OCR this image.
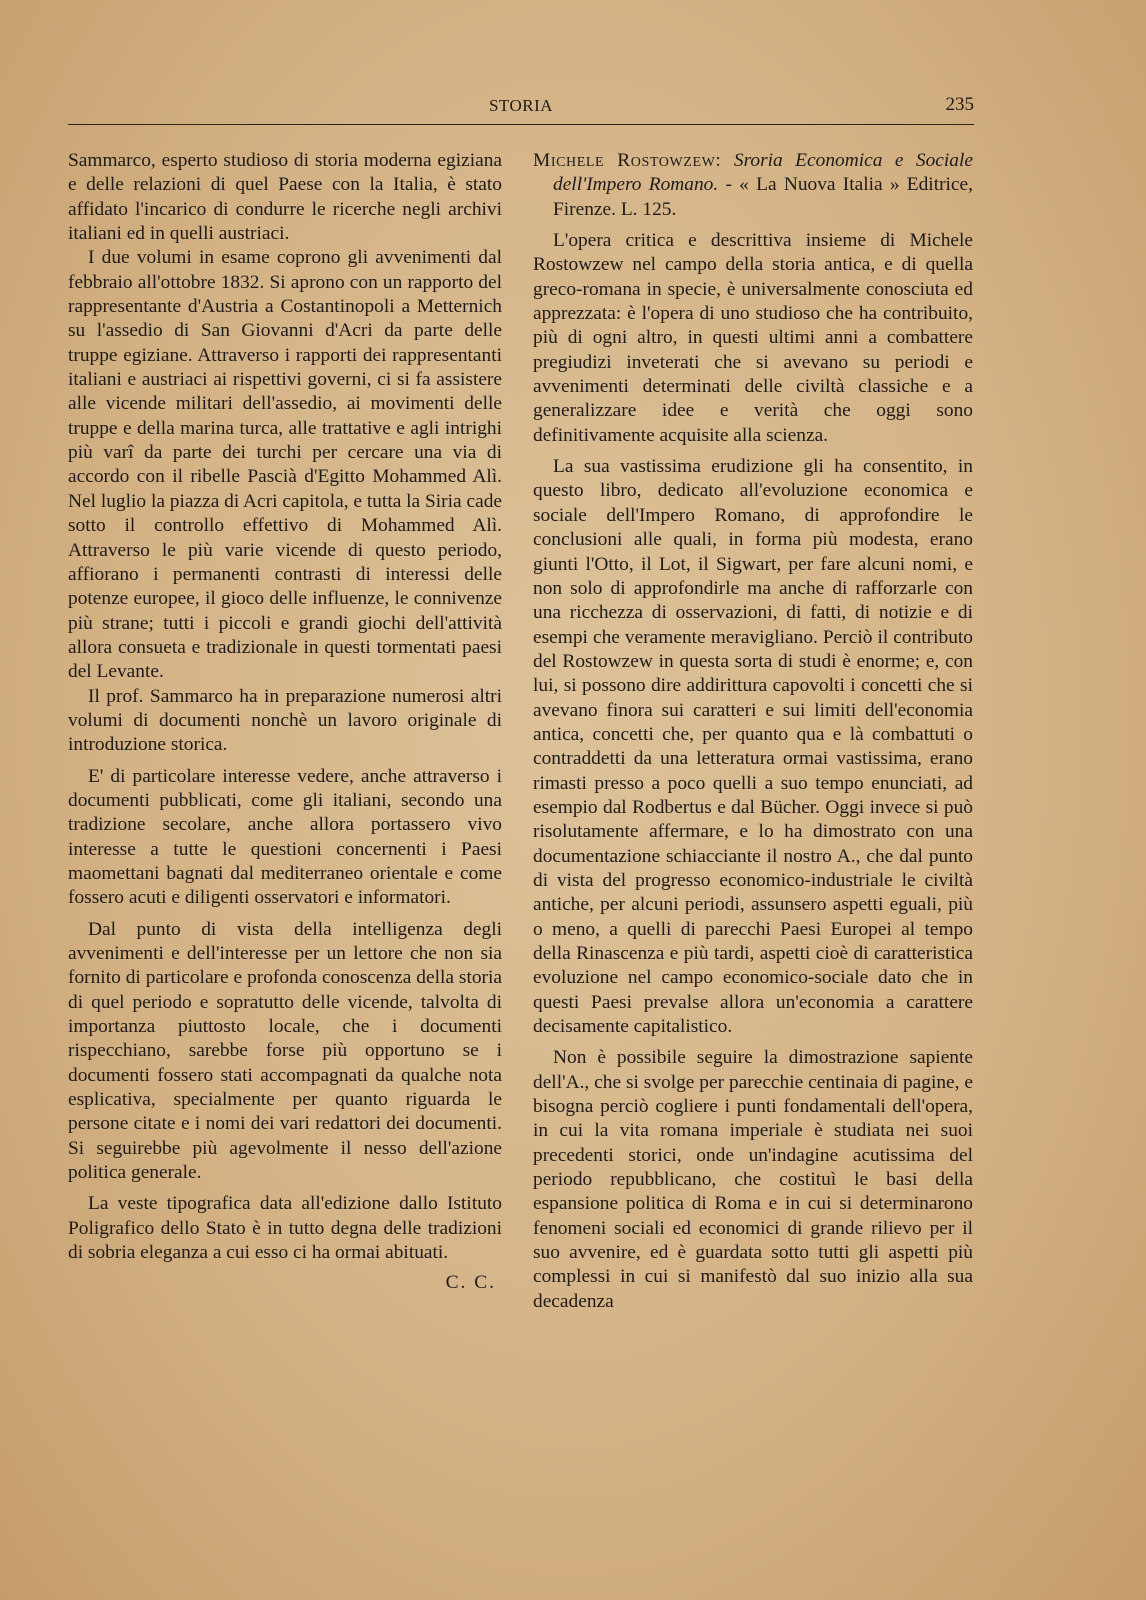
STORIA	235

Sammarco, esperto studioso di storia moderna egiziana e delle relazioni di quel Paese con la Italia, è stato affidato l'incarico di condurre le ricerche negli archivi italiani ed in quelli austriaci.

I due volumi in esame coprono gli avvenimenti dal febbraio all'ottobre 1832. Si aprono con un rapporto del rappresentante d'Austria a Costantinopoli a Metternich su l'assedio di San Giovanni d'Acri da parte delle truppe egiziane. Attraverso i rapporti dei rappresentanti italiani e austriaci ai rispettivi governi, ci si fa assistere alle vicende militari dell'assedio, ai movimenti delle truppe e della marina turca, alle trattative e agli intrighi più varî da parte dei turchi per cercare una via di accordo con il ribelle Pascià d'Egitto Mohammed Alì. Nel luglio la piazza di Acri capitola, e tutta la Siria cade sotto il controllo effettivo di Mohammed Alì. Attraverso le più varie vicende di questo periodo, affiorano i permanenti contrasti di interessi delle potenze europee, il gioco delle influenze, le connivenze più strane; tutti i piccoli e grandi giochi dell'attività allora consueta e tradizionale in questi tormentati paesi del Levante.

Il prof. Sammarco ha in preparazione numerosi altri volumi di documenti nonchè un lavoro originale di introduzione storica.

E' di particolare interesse vedere, anche attraverso i documenti pubblicati, come gli italiani, secondo una tradizione secolare, anche allora portassero vivo interesse a tutte le questioni concernenti i Paesi maomettani bagnati dal mediterraneo orientale e come fossero acuti e diligenti osservatori e informatori.

Dal punto di vista della intelligenza degli avvenimenti e dell'interesse per un lettore che non sia fornito di particolare e profonda conoscenza della storia di quel periodo e sopratutto delle vicende, talvolta di importanza piuttosto locale, che i documenti rispecchiano, sarebbe forse più opportuno se i documenti fossero stati accompagnati da qualche nota esplicativa, specialmente per quanto riguarda le persone citate e i nomi dei vari redattori dei documenti. Si seguirebbe più agevolmente il nesso dell'azione politica generale.

La veste tipografica data all'edizione dallo Istituto Poligrafico dello Stato è in tutto degna delle tradizioni di sobria eleganza a cui esso ci ha ormai abituati.

C. C.

Michele Rostowzew: Sroria Economica e Sociale dell'Impero Romano. - « La Nuova Italia » Editrice, Firenze. L. 125.

L'opera critica e descrittiva insieme di Michele Rostowzew nel campo della storia antica, e di quella greco-romana in specie, è universalmente conosciuta ed apprezzata: è l'opera di uno studioso che ha contribuito, più di ogni altro, in questi ultimi anni a combattere pregiudizi inveterati che si avevano su periodi e avvenimenti determinati delle civiltà classiche e a generalizzare idee e verità che oggi sono definitivamente acquisite alla scienza.

La sua vastissima erudizione gli ha consentito, in questo libro, dedicato all'evoluzione economica e sociale dell'Impero Romano, di approfondire le conclusioni alle quali, in forma più modesta, erano giunti l'Otto, il Lot, il Sigwart, per fare alcuni nomi, e non solo di approfondirle ma anche di rafforzarle con una ricchezza di osservazioni, di fatti, di notizie e di esempi che veramente meravigliano. Perciò il contributo del Rostowzew in questa sorta di studi è enorme; e, con lui, si possono dire addirittura capovolti i concetti che si avevano finora sui caratteri e sui limiti dell'economia antica, concetti che, per quanto qua e là combattuti o contraddetti da una letteratura ormai vastissima, erano rimasti presso a poco quelli a suo tempo enunciati, ad esempio dal Rodbertus e dal Bücher. Oggi invece si può risolutamente affermare, e lo ha dimostrato con una documentazione schiacciante il nostro A., che dal punto di vista del progresso economico-industriale le civiltà antiche, per alcuni periodi, assunsero aspetti eguali, più o meno, a quelli di parecchi Paesi Europei al tempo della Rinascenza e più tardi, aspetti cioè di caratteristica evoluzione nel campo economico-sociale dato che in questi Paesi prevalse allora un'economia a carattere decisamente capitalistico.

Non è possibile seguire la dimostrazione sapiente dell'A., che si svolge per parecchie centinaia di pagine, e bisogna perciò cogliere i punti fondamentali dell'opera, in cui la vita romana imperiale è studiata nei suoi precedenti storici, onde un'indagine acutissima del periodo repubblicano, che costituì le basi della espansione politica di Roma e in cui si determinarono fenomeni sociali ed economici di grande rilievo per il suo avvenire, ed è guardata sotto tutti gli aspetti più complessi in cui si manifestò dal suo inizio alla sua decadenza
